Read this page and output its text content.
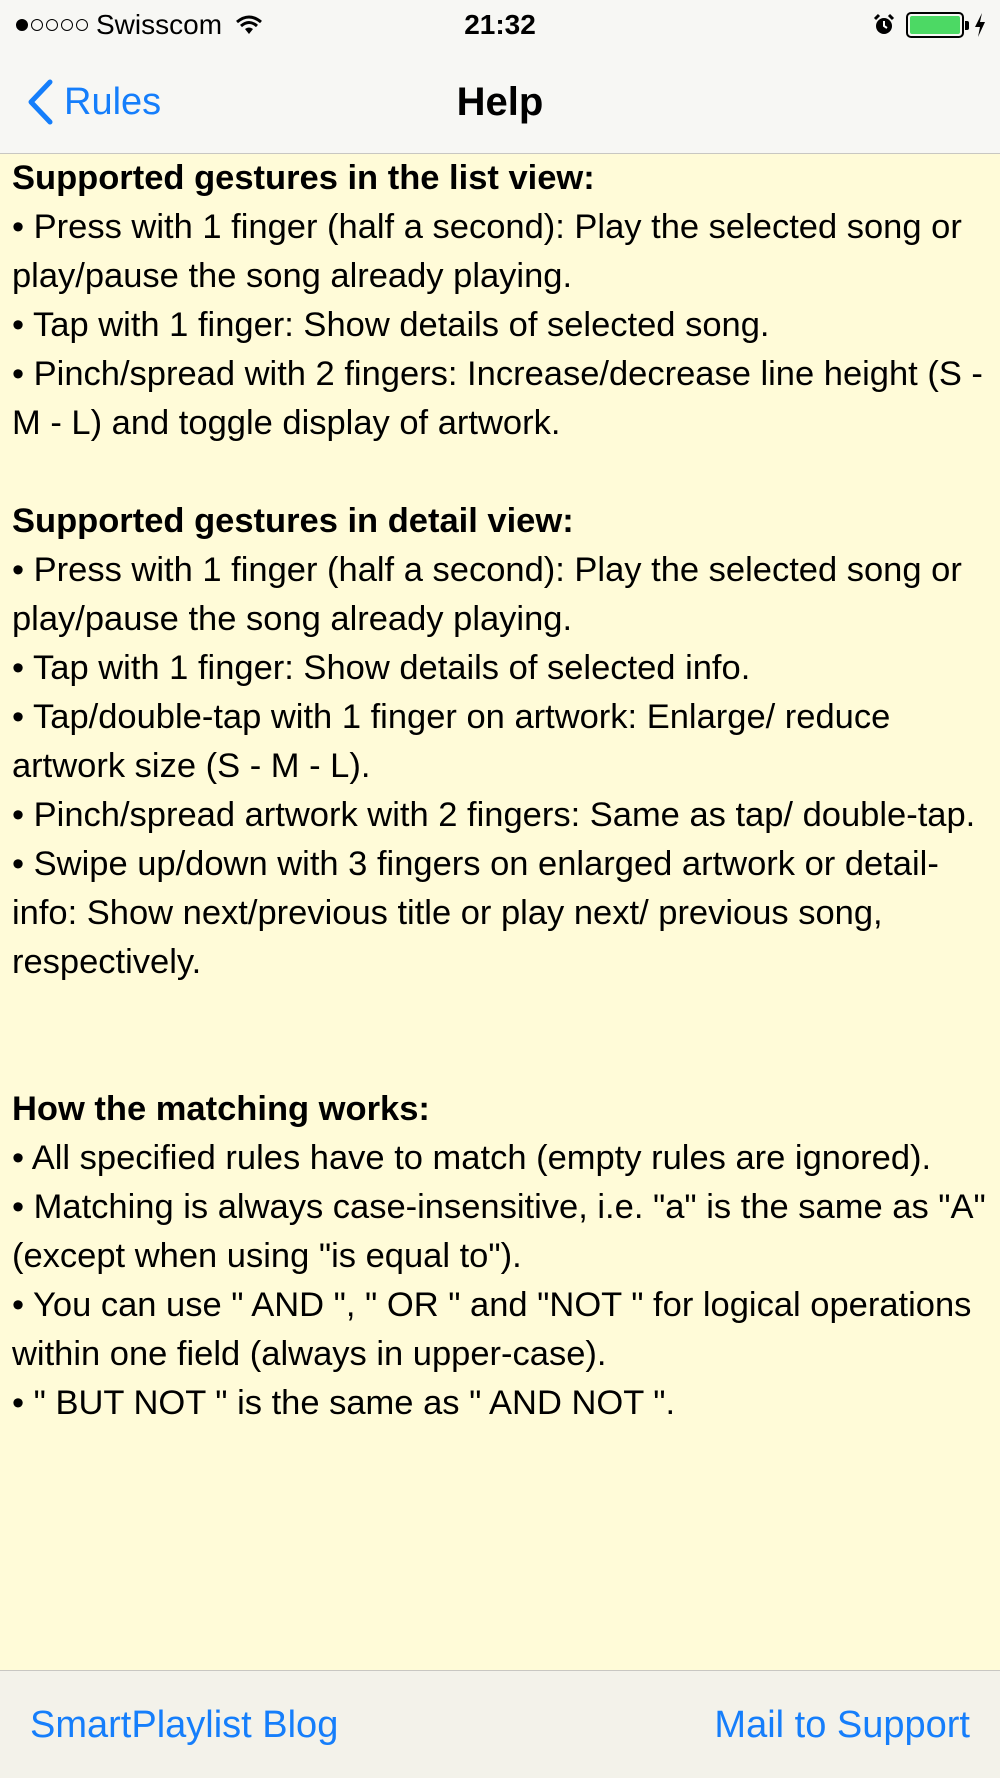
Swisscom	21:32
Rules	Help
Supported gestures in the list view:
• Press with 1 finger (half a second): Play the selected song or play/pause the song already playing.
• Tap with 1 finger: Show details of selected song.
• Pinch/spread with 2 fingers: Increase/decrease line height (S - M - L) and toggle display of artwork.
Supported gestures in detail view:
• Press with 1 finger (half a second): Play the selected song or play/pause the song already playing.
• Tap with 1 finger: Show details of selected info.
• Tap/double-tap with 1 finger on artwork: Enlarge/ reduce artwork size (S - M - L).
• Pinch/spread artwork with 2 fingers: Same as tap/ double-tap.
• Swipe up/down with 3 fingers on enlarged artwork or detail-info: Show next/previous title or play next/ previous song, respectively.
How the matching works:
• All specified rules have to match (empty rules are ignored).
• Matching is always case-insensitive, i.e. "a" is the same as "A" (except when using "is equal to").
• You can use " AND ", " OR " and "NOT " for logical operations within one field (always in upper-case).
• " BUT NOT " is the same as " AND NOT ".
SmartPlaylist Blog	Mail to Support
